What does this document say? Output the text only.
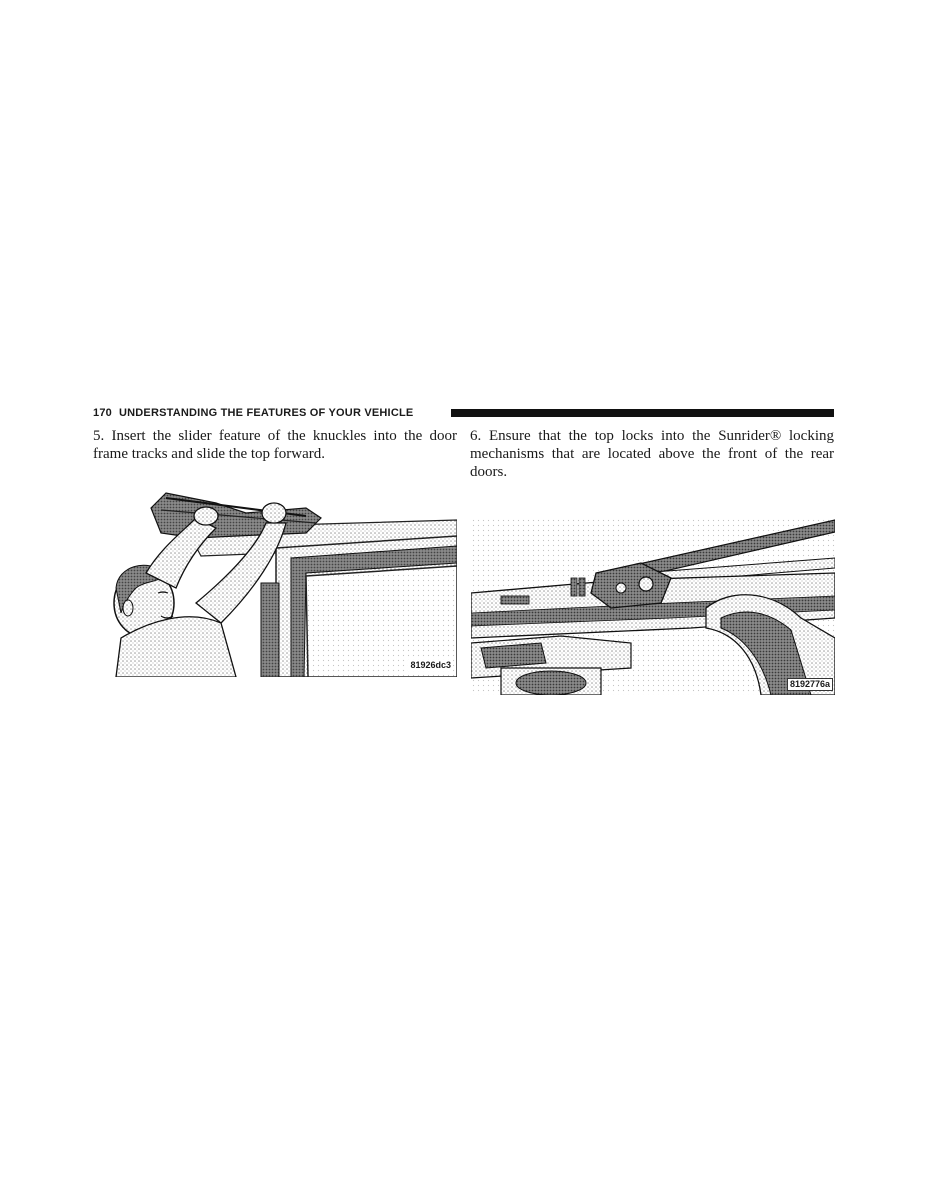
170 UNDERSTANDING THE FEATURES OF YOUR VEHICLE

5. Insert the slider feature of the knuckles into the door frame tracks and slide the top forward.

6. Ensure that the top locks into the Sunrider® locking mechanisms that are located above the front of the rear doors.

81926dc3
8192776a
